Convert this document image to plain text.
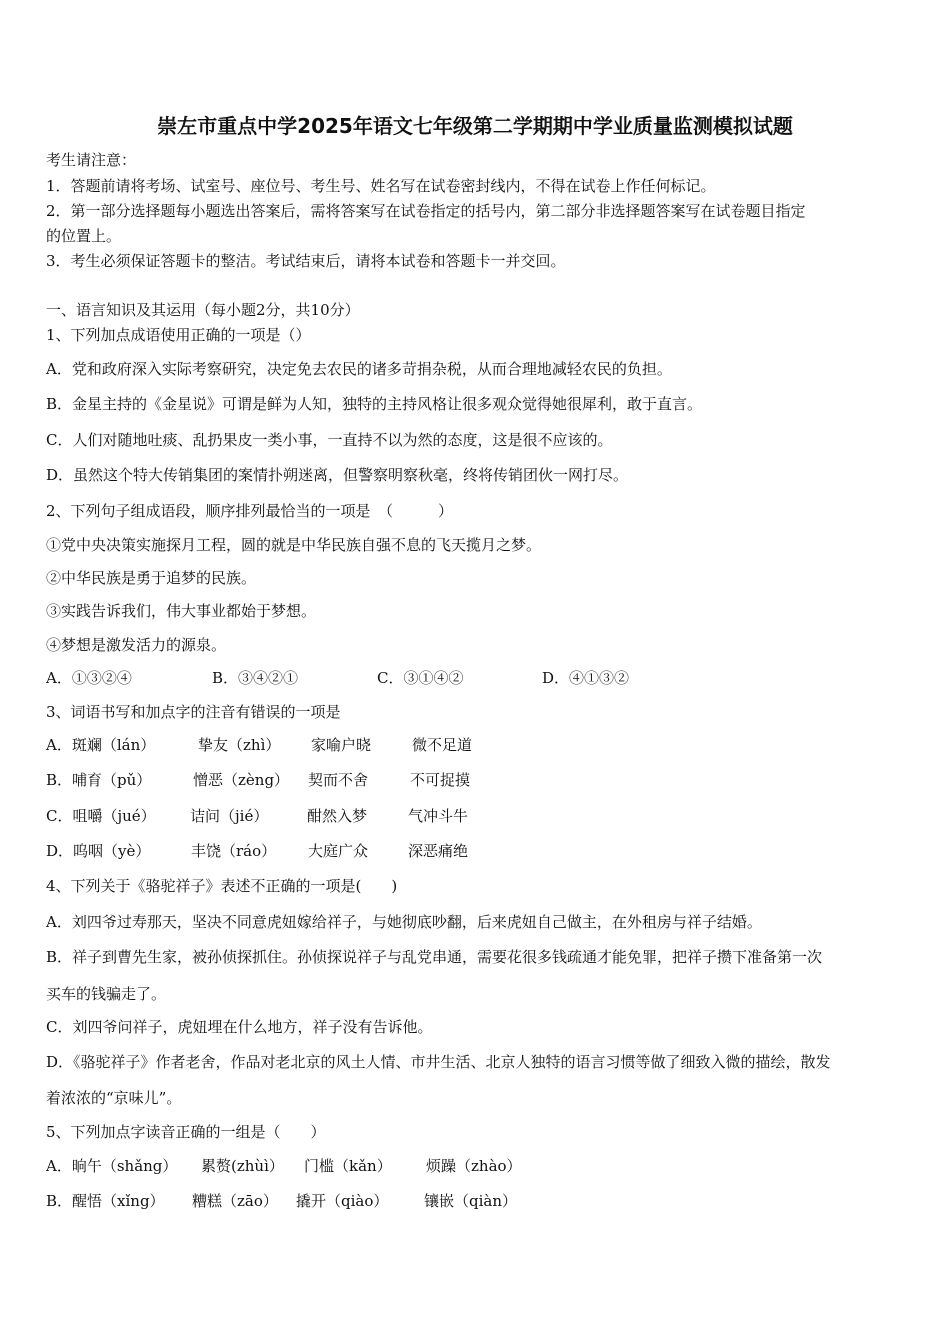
崇左市重点中学2025年语文七年级第二学期期中学业质量监测模拟试题
考生请注意：
1．答题前请将考场、试室号、座位号、考生号、姓名写在试卷密封线内，不得在试卷上作任何标记。
2．第一部分选择题每小题选出答案后，需将答案写在试卷指定的括号内，第二部分非选择题答案写在试卷题目指定
的位置上。
3．考生必须保证答题卡的整洁。考试结束后，请将本试卷和答题卡一并交回。
一、语言知识及其运用（每小题2分，共10分）
1、下列加点成语使用正确的一项是（）
A．党和政府深入实际考察研究，决定免去农民的诸多苛捐杂税，从而合理地减轻农民的负担。
B．金星主持的《金星说》可谓是鲜为人知，独特的主持风格让很多观众觉得她很犀利，敢于直言。
C．人们对随地吐痰、乱扔果皮一类小事，一直持不以为然的态度，这是很不应该的。
D．虽然这个特大传销集团的案情扑朔迷离，但警察明察秋毫，终将传销团伙一网打尽。
2、下列句子组成语段，顺序排列最恰当的一项是　（　　　）
①党中央决策实施探月工程，圆的就是中华民族自强不息的飞天揽月之梦。
②中华民族是勇于追梦的民族。
③实践告诉我们，伟大事业都始于梦想。
④梦想是激发活力的源泉。
A．①③②④	B．③④②①	C．③①④②	D．④①③②
3、词语书写和加点字的注音有错误的一项是
A．斑斓（lán）	挚友（zhì） 家喻户晓	微不足道
B．哺育（pǔ）	憎恶（zèng） 契而不舍	不可捉摸
C．咀嚼（jué） 诘问（jié）	酣然入梦	气冲斗牛
D．呜咽（yè）	丰饶（ráo） 大庭广众	深恶痛绝
4、下列关于《骆驼祥子》表述不正确的一项是(　　)
A．刘四爷过寿那天，坚决不同意虎妞嫁给祥子，与她彻底吵翻，后来虎妞自己做主，在外租房与祥子结婚。
B．祥子到曹先生家，被孙侦探抓住。孙侦探说祥子与乱党串通，需要花很多钱疏通才能免罪，把祥子攒下准备第一次
买车的钱骗走了。
C．刘四爷问祥子，虎妞埋在什么地方，祥子没有告诉他。
D．《骆驼祥子》作者老舍，作品对老北京的风土人情、市井生活、北京人独特的语言习惯等做了细致入微的描绘，散发
着浓浓的“京味儿”。
5、下列加点字读音正确的一组是（　　）
A．晌午（shǎng） 累赘(zhùì） 门槛（kǎn） 烦躁（zhào）
B．醒悟（xǐng） 糟糕（zāo） 撬开（qiào） 镶嵌（qiàn）
